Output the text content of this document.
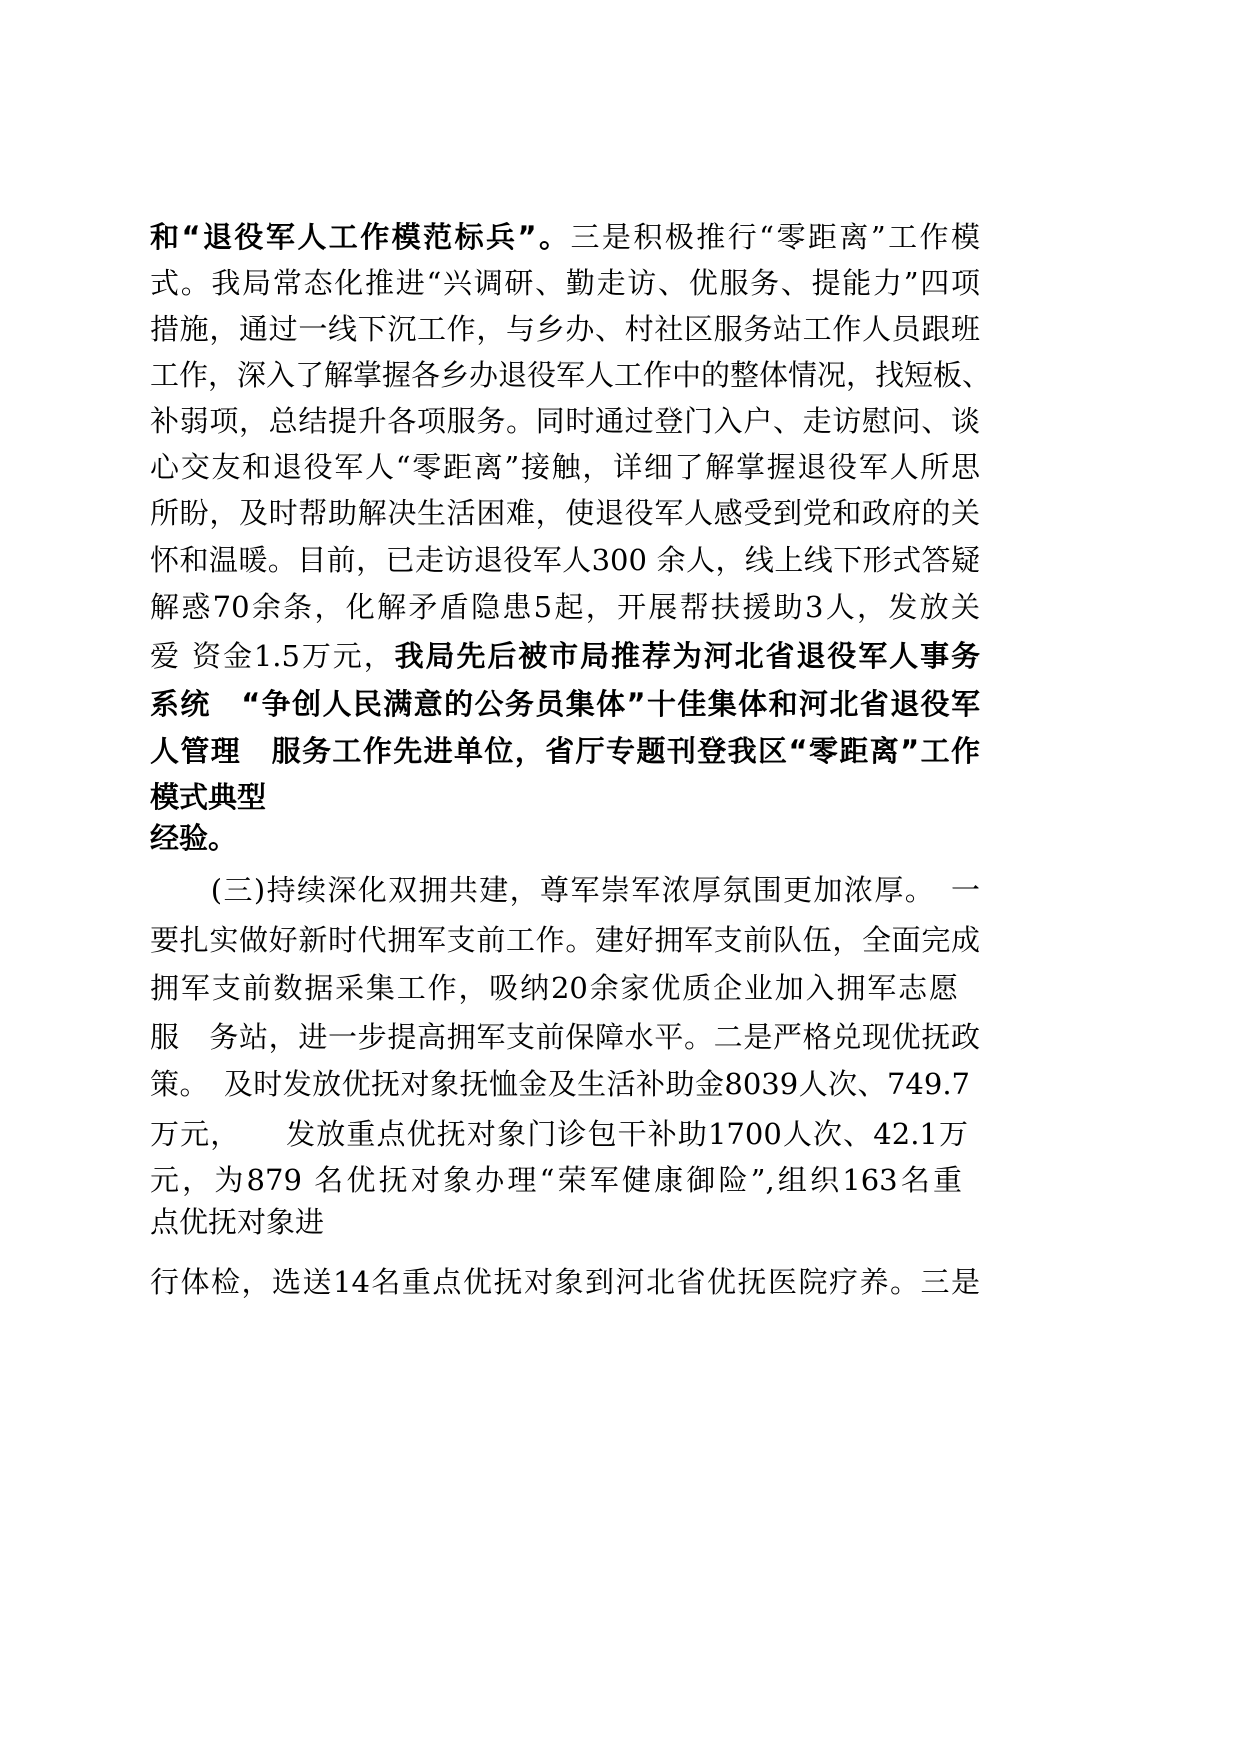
和“退役军人工作模范标兵”。三是积极推行“零距离”工作模
式。我局常态化推进“兴调研、勤走访、优服务、提能力”四项
措施，通过一线下沉工作，与乡办、村社区服务站工作人员跟班
工作，深入了解掌握各乡办退役军人工作中的整体情况，找短板、
补弱项，总结提升各项服务。同时通过登门入户、走访慰问、谈
心交友和退役军人“零距离”接触，详细了解掌握退役军人所思
所盼，及时帮助解决生活困难，使退役军人感受到党和政府的关
怀和温暖。目前，已走访退役军人300 余人，线上线下形式答疑
解惑70余条，化解矛盾隐患5起，开展帮扶援助3人，发放关
爱 资金1.5万元，我局先后被市局推荐为河北省退役军人事务
系统　“争创人民满意的公务员集体”十佳集体和河北省退役军
人管理　服务工作先进单位，省厅专题刊登我区“零距离”工作
模式典型
经验。
　　(三)持续深化双拥共建，尊军崇军浓厚氛围更加浓厚。　一
要扎实做好新时代拥军支前工作。建好拥军支前队伍，全面完成
拥军支前数据采集工作，吸纳20余家优质企业加入拥军志愿
服　务站，进一步提高拥军支前保障水平。二是严格兑现优抚政
策。　及时发放优抚对象抚恤金及生活补助金8039人次、749.7
万元，　　发放重点优抚对象门诊包干补助1700人次、42.1万
元，为879 名优抚对象办理“荣军健康御险”,组织163名重
点优抚对象进
行体检，选送14名重点优抚对象到河北省优抚医院疗养。三是
